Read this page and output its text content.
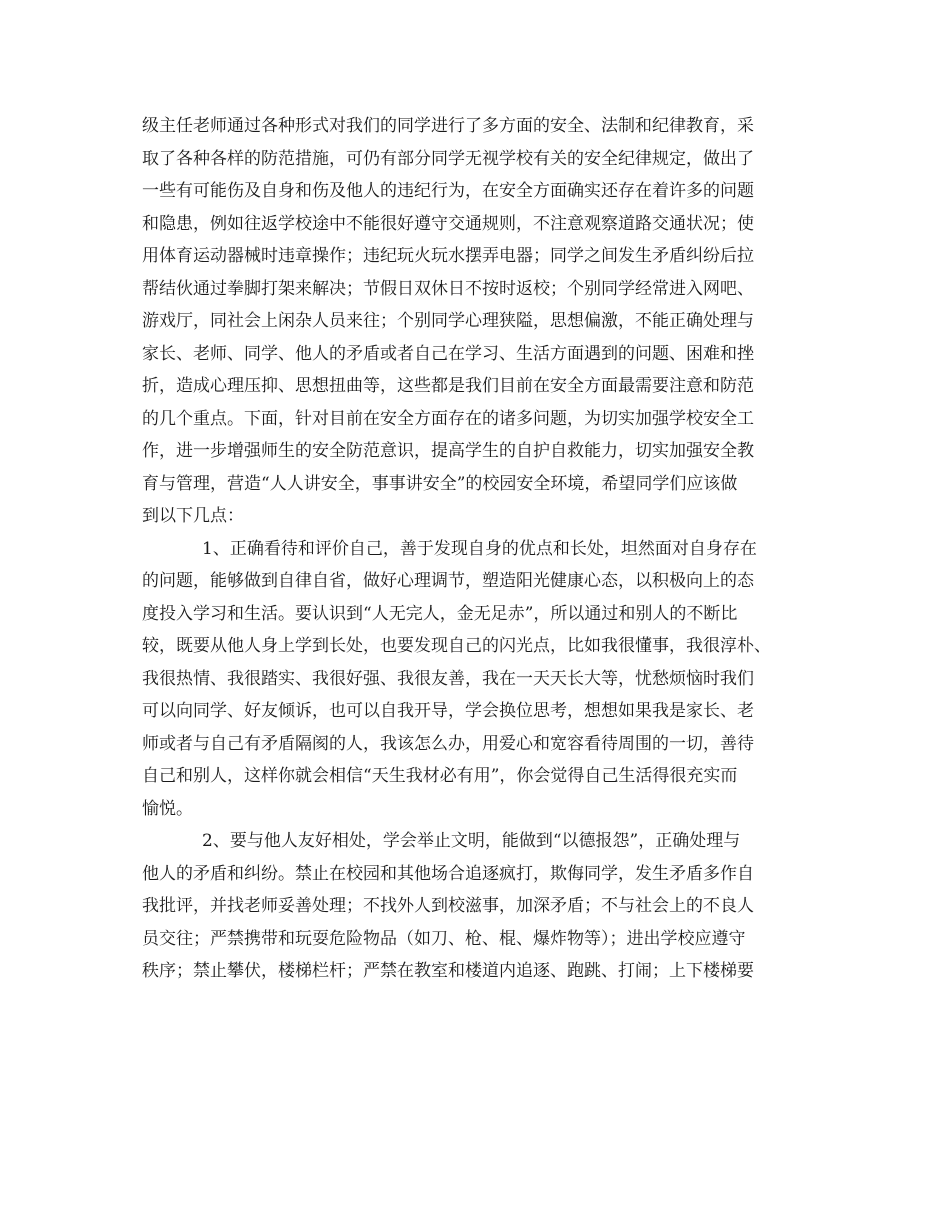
级主任老师通过各种形式对我们的同学进行了多方面的安全、法制和纪律教育，采
取了各种各样的防范措施，可仍有部分同学无视学校有关的安全纪律规定，做出了
一些有可能伤及自身和伤及他人的违纪行为，在安全方面确实还存在着许多的问题
和隐患，例如往返学校途中不能很好遵守交通规则，不注意观察道路交通状况；使
用体育运动器械时违章操作；违纪玩火玩水摆弄电器；同学之间发生矛盾纠纷后拉
帮结伙通过拳脚打架来解决；节假日双休日不按时返校；个别同学经常进入网吧、
游戏厅，同社会上闲杂人员来往；个别同学心理狭隘，思想偏激，不能正确处理与
家长、老师、同学、他人的矛盾或者自己在学习、生活方面遇到的问题、困难和挫
折，造成心理压抑、思想扭曲等，这些都是我们目前在安全方面最需要注意和防范
的几个重点。下面，针对目前在安全方面存在的诸多问题，为切实加强学校安全工
作，进一步增强师生的安全防范意识，提高学生的自护自救能力，切实加强安全教
育与管理，营造“人人讲安全，事事讲安全”的校园安全环境，希望同学们应该做
到以下几点：
1、正确看待和评价自己，善于发现自身的优点和长处，坦然面对自身存在
的问题，能够做到自律自省，做好心理调节，塑造阳光健康心态，以积极向上的态
度投入学习和生活。要认识到“人无完人，金无足赤”，所以通过和别人的不断比
较，既要从他人身上学到长处，也要发现自己的闪光点，比如我很懂事，我很淳朴、
我很热情、我很踏实、我很好强、我很友善，我在一天天长大等，忧愁烦恼时我们
可以向同学、好友倾诉，也可以自我开导，学会换位思考，想想如果我是家长、老
师或者与自己有矛盾隔阂的人，我该怎么办，用爱心和宽容看待周围的一切，善待
自己和别人，这样你就会相信“天生我材必有用”，你会觉得自己生活得很充实而
愉悦。
2、要与他人友好相处，学会举止文明，能做到“以德报怨”，正确处理与
他人的矛盾和纠纷。禁止在校园和其他场合追逐疯打，欺侮同学，发生矛盾多作自
我批评，并找老师妥善处理；不找外人到校滋事，加深矛盾；不与社会上的不良人
员交往；严禁携带和玩耍危险物品（如刀、枪、棍、爆炸物等）；进出学校应遵守
秩序；禁止攀伏，楼梯栏杆；严禁在教室和楼道内追逐、跑跳、打闹；上下楼梯要
